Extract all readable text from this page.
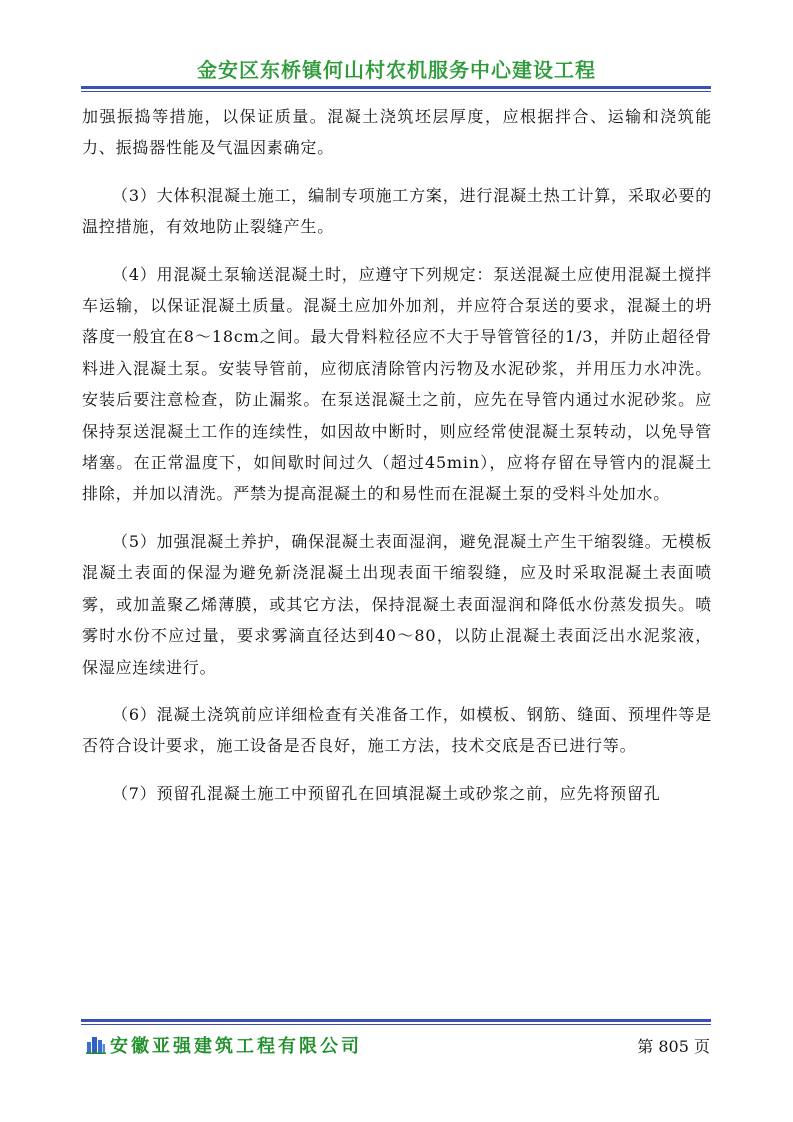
金安区东桥镇何山村农机服务中心建设工程

加强振捣等措施，以保证质量。混凝土浇筑坯层厚度，应根据拌合、运输和浇筑能力、振捣器性能及气温因素确定。

（3）大体积混凝土施工，编制专项施工方案，进行混凝土热工计算，采取必要的温控措施，有效地防止裂缝产生。

（4）用混凝土泵输送混凝土时，应遵守下列规定：泵送混凝土应使用混凝土搅拌车运输，以保证混凝土质量。混凝土应加外加剂，并应符合泵送的要求，混凝土的坍落度一般宜在8～18cm之间。最大骨料粒径应不大于导管管径的1/3，并防止超径骨料进入混凝土泵。安装导管前，应彻底清除管内污物及水泥砂浆，并用压力水冲洗。安装后要注意检查，防止漏浆。在泵送混凝土之前，应先在导管内通过水泥砂浆。应保持泵送混凝土工作的连续性，如因故中断时，则应经常使混凝土泵转动，以免导管堵塞。在正常温度下，如间歇时间过久（超过45min），应将存留在导管内的混凝土排除，并加以清洗。严禁为提高混凝土的和易性而在混凝土泵的受料斗处加水。

（5）加强混凝土养护，确保混凝土表面湿润，避免混凝土产生干缩裂缝。无模板混凝土表面的保湿为避免新浇混凝土出现表面干缩裂缝，应及时采取混凝土表面喷雾，或加盖聚乙烯薄膜，或其它方法，保持混凝土表面湿润和降低水份蒸发损失。喷雾时水份不应过量，要求雾滴直径达到40～80，以防止混凝土表面泛出水泥浆液，保湿应连续进行。

（6）混凝土浇筑前应详细检查有关准备工作，如模板、钢筋、缝面、预埋件等是否符合设计要求，施工设备是否良好，施工方法，技术交底是否已进行等。

（7）预留孔混凝土施工中预留孔在回填混凝土或砂浆之前，应先将预留孔

安徽亚强建筑工程有限公司	第 805 页
